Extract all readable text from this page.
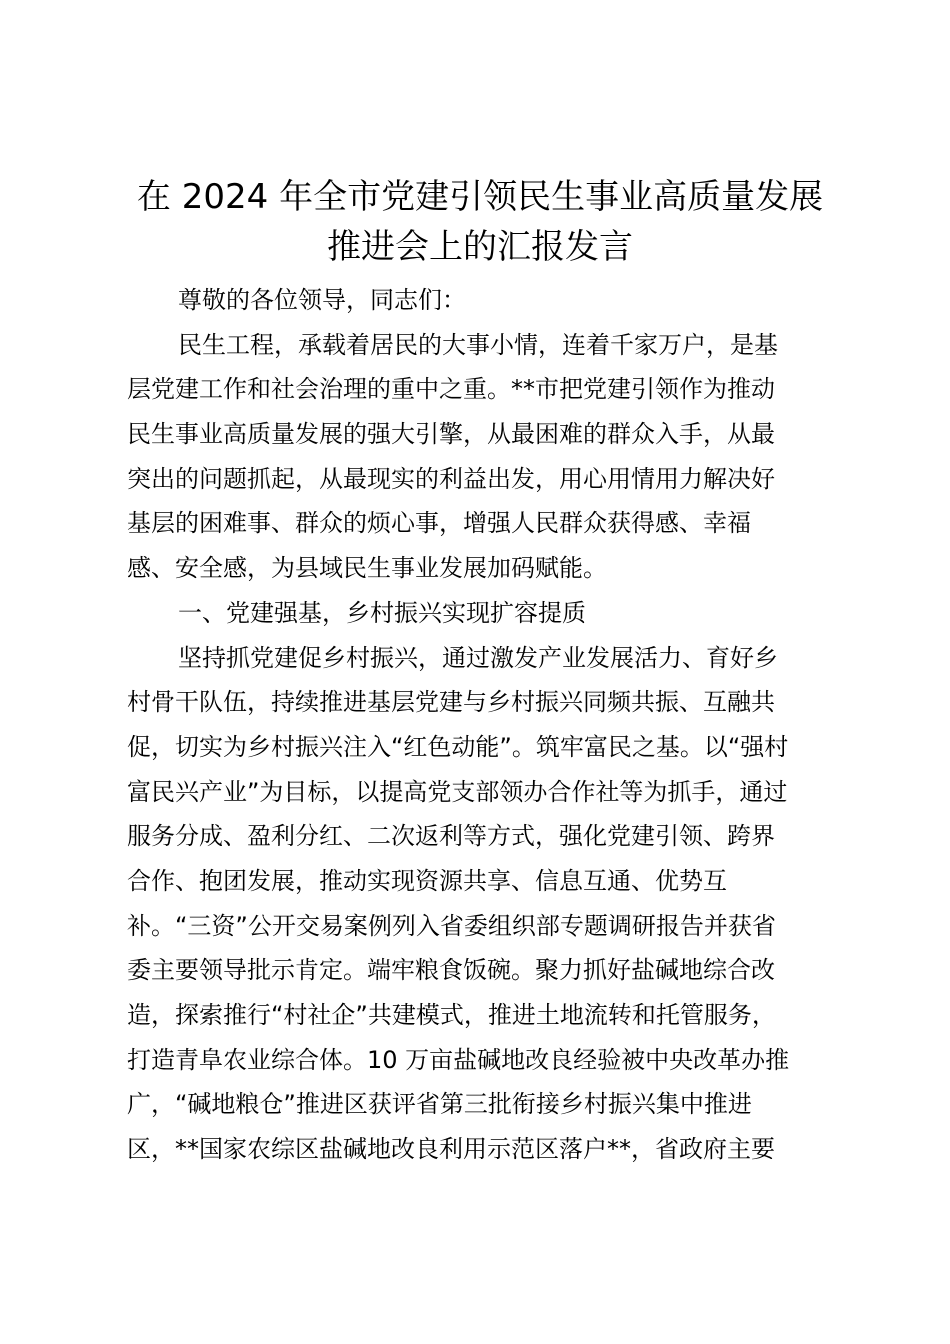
在 2024 年全市党建引领民生事业高质量发展
推进会上的汇报发言
尊敬的各位领导，同志们：
民生工程，承载着居民的大事小情，连着千家万户，是基
层党建工作和社会治理的重中之重。**市把党建引领作为推动
民生事业高质量发展的强大引擎，从最困难的群众入手，从最
突出的问题抓起，从最现实的利益出发，用心用情用力解决好
基层的困难事、群众的烦心事，增强人民群众获得感、幸福
感、安全感，为县域民生事业发展加码赋能。
一、党建强基，乡村振兴实现扩容提质
坚持抓党建促乡村振兴，通过激发产业发展活力、育好乡
村骨干队伍，持续推进基层党建与乡村振兴同频共振、互融共
促，切实为乡村振兴注入“红色动能”。筑牢富民之基。以“强村
富民兴产业”为目标，以提高党支部领办合作社等为抓手，通过
服务分成、盈利分红、二次返利等方式，强化党建引领、跨界
合作、抱团发展，推动实现资源共享、信息互通、优势互
补。“三资”公开交易案例列入省委组织部专题调研报告并获省
委主要领导批示肯定。端牢粮食饭碗。聚力抓好盐碱地综合改
造，探索推行“村社企”共建模式，推进土地流转和托管服务，
打造青阜农业综合体。10 万亩盐碱地改良经验被中央改革办推
广，“碱地粮仓”推进区获评省第三批衔接乡村振兴集中推进
区，**国家农综区盐碱地改良利用示范区落户**，省政府主要
